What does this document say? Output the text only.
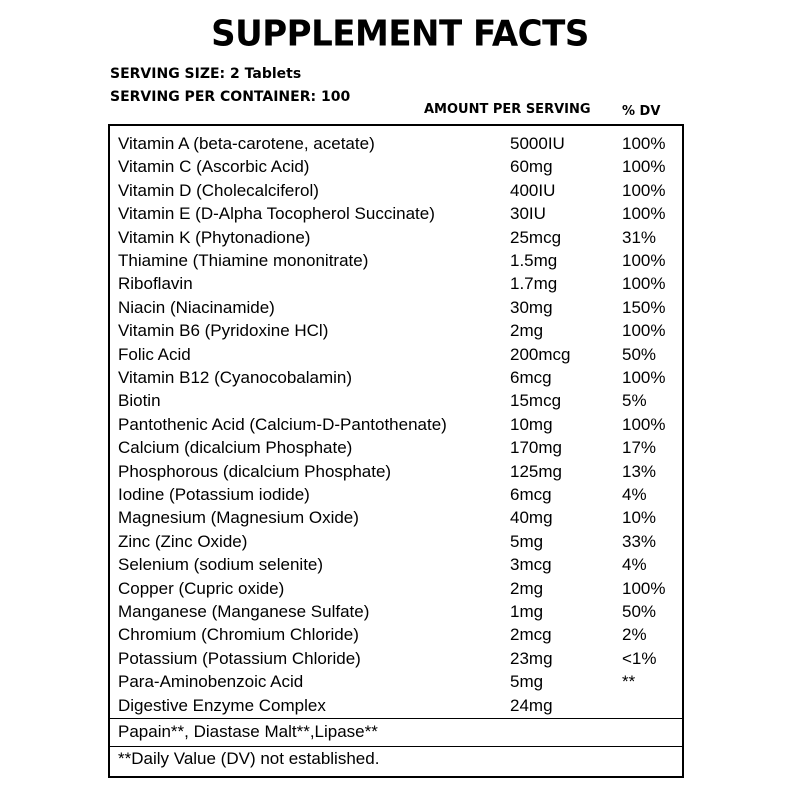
SUPPLEMENT FACTS
SERVING SIZE: 2 Tablets
SERVING PER CONTAINER: 100
AMOUNT PER SERVING % DV
Vitamin A (beta-carotene, acetate)	5000IU	100%
Vitamin C (Ascorbic Acid)	60mg	100%
Vitamin D (Cholecalciferol)	400IU	100%
Vitamin E (D-Alpha Tocopherol Succinate)	30IU	100%
Vitamin K (Phytonadione)	25mcg	31%
Thiamine (Thiamine mononitrate)	1.5mg	100%
Riboflavin	1.7mg	100%
Niacin (Niacinamide)	30mg	150%
Vitamin B6 (Pyridoxine HCl)	2mg	100%
Folic Acid	200mcg	50%
Vitamin B12 (Cyanocobalamin)	6mcg	100%
Biotin	15mcg	5%
Pantothenic Acid (Calcium-D-Pantothenate)	10mg	100%
Calcium (dicalcium Phosphate)	170mg	17%
Phosphorous (dicalcium Phosphate)	125mg	13%
Iodine (Potassium iodide)	6mcg	4%
Magnesium (Magnesium Oxide)	40mg	10%
Zinc (Zinc Oxide)	5mg	33%
Selenium (sodium selenite)	3mcg	4%
Copper (Cupric oxide)	2mg	100%
Manganese (Manganese Sulfate)	1mg	50%
Chromium (Chromium Chloride)	2mcg	2%
Potassium (Potassium Chloride)	23mg	<1%
Para-Aminobenzoic Acid	5mg	**
Digestive Enzyme Complex	24mg
Papain**, Diastase Malt**,Lipase**
**Daily Value (DV) not established.
